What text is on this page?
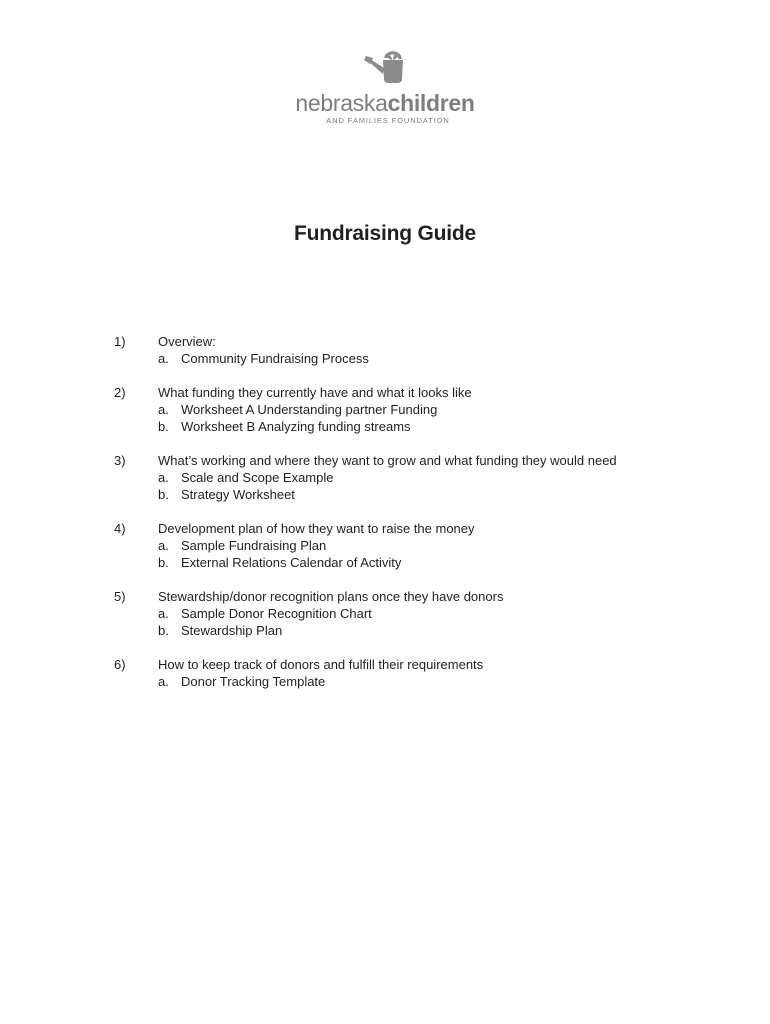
nebraskachildren
AND FAMILIES FOUNDATION
Fundraising Guide
1) Overview:
a. Community Fundraising Process
2) What funding they currently have and what it looks like
a. Worksheet A Understanding partner Funding
b. Worksheet B Analyzing funding streams
3) What’s working and where they want to grow and what funding they would need
a. Scale and Scope Example
b. Strategy Worksheet
4) Development plan of how they want to raise the money
a. Sample Fundraising Plan
b. External Relations Calendar of Activity
5) Stewardship/donor recognition plans once they have donors
a. Sample Donor Recognition Chart
b. Stewardship Plan
6) How to keep track of donors and fulfill their requirements
a. Donor Tracking Template
